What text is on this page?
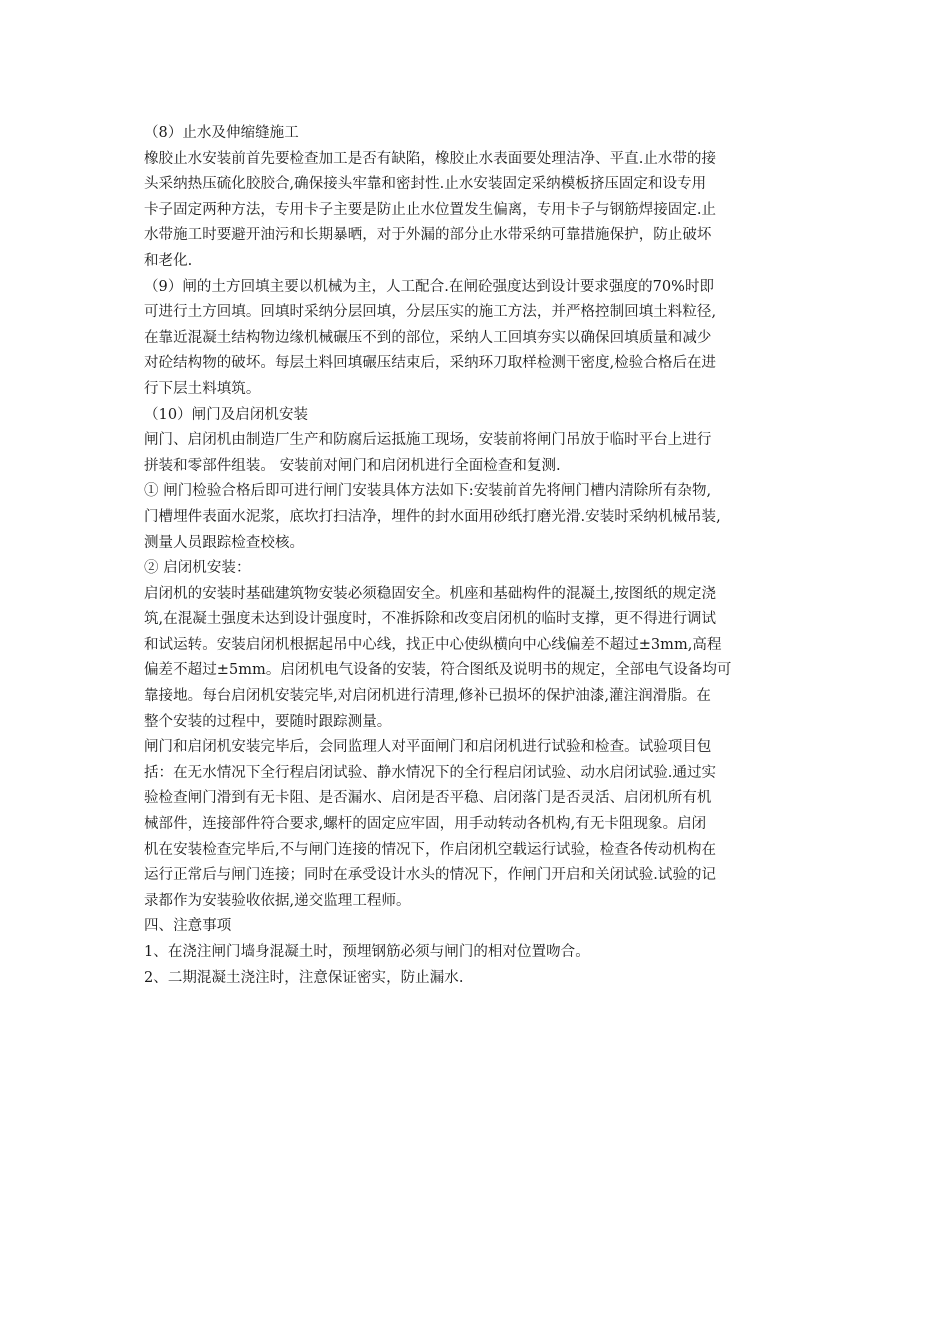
（8）止水及伸缩缝施工
橡胶止水安装前首先要检查加工是否有缺陷，橡胶止水表面要处理洁净、平直.止水带的接
头采纳热压硫化胶胶合,确保接头牢靠和密封性.止水安装固定采纳模板挤压固定和设专用
卡子固定两种方法，专用卡子主要是防止止水位置发生偏离，专用卡子与钢筋焊接固定.止
水带施工时要避开油污和长期暴晒，对于外漏的部分止水带采纳可靠措施保护，防止破坏
和老化.
（9）闸的土方回填主要以机械为主，人工配合.在闸砼强度达到设计要求强度的70%时即
可进行土方回填。回填时采纳分层回填，分层压实的施工方法，并严格控制回填土料粒径,
在靠近混凝土结构物边缘机械碾压不到的部位，采纳人工回填夯实以确保回填质量和减少
对砼结构物的破坏。每层土料回填碾压结束后，采纳环刀取样检测干密度,检验合格后在进
行下层土料填筑。
（10）闸门及启闭机安装
闸门、启闭机由制造厂生产和防腐后运抵施工现场，安装前将闸门吊放于临时平台上进行
拼装和零部件组装。 安装前对闸门和启闭机进行全面检查和复测.
① 闸门检验合格后即可进行闸门安装具体方法如下:安装前首先将闸门槽内清除所有杂物,
门槽埋件表面水泥浆，底坎打扫洁净，埋件的封水面用砂纸打磨光滑.安装时采纳机械吊装,
测量人员跟踪检查校核。
② 启闭机安装：
启闭机的安装时基础建筑物安装必须稳固安全。机座和基础构件的混凝土,按图纸的规定浇
筑,在混凝土强度未达到设计强度时，不准拆除和改变启闭机的临时支撑，更不得进行调试
和试运转。安装启闭机根据起吊中心线，找正中心使纵横向中心线偏差不超过±3mm,高程
偏差不超过±5mm。启闭机电气设备的安装，符合图纸及说明书的规定，全部电气设备均可
靠接地。每台启闭机安装完毕,对启闭机进行清理,修补已损坏的保护油漆,灌注润滑脂。在
整个安装的过程中，要随时跟踪测量。
闸门和启闭机安装完毕后，会同监理人对平面闸门和启闭机进行试验和检查。试验项目包
括：在无水情况下全行程启闭试验、静水情况下的全行程启闭试验、动水启闭试验.通过实
验检查闸门滑到有无卡阻、是否漏水、启闭是否平稳、启闭落门是否灵活、启闭机所有机
械部件，连接部件符合要求,螺杆的固定应牢固，用手动转动各机构,有无卡阻现象。启闭
机在安装检查完毕后,不与闸门连接的情况下，作启闭机空载运行试验，检查各传动机构在
运行正常后与闸门连接；同时在承受设计水头的情况下，作闸门开启和关闭试验.试验的记
录都作为安装验收依据,递交监理工程师。
四、注意事项
1、在浇注闸门墙身混凝土时，预埋钢筋必须与闸门的相对位置吻合。
2、二期混凝土浇注时，注意保证密实，防止漏水.
